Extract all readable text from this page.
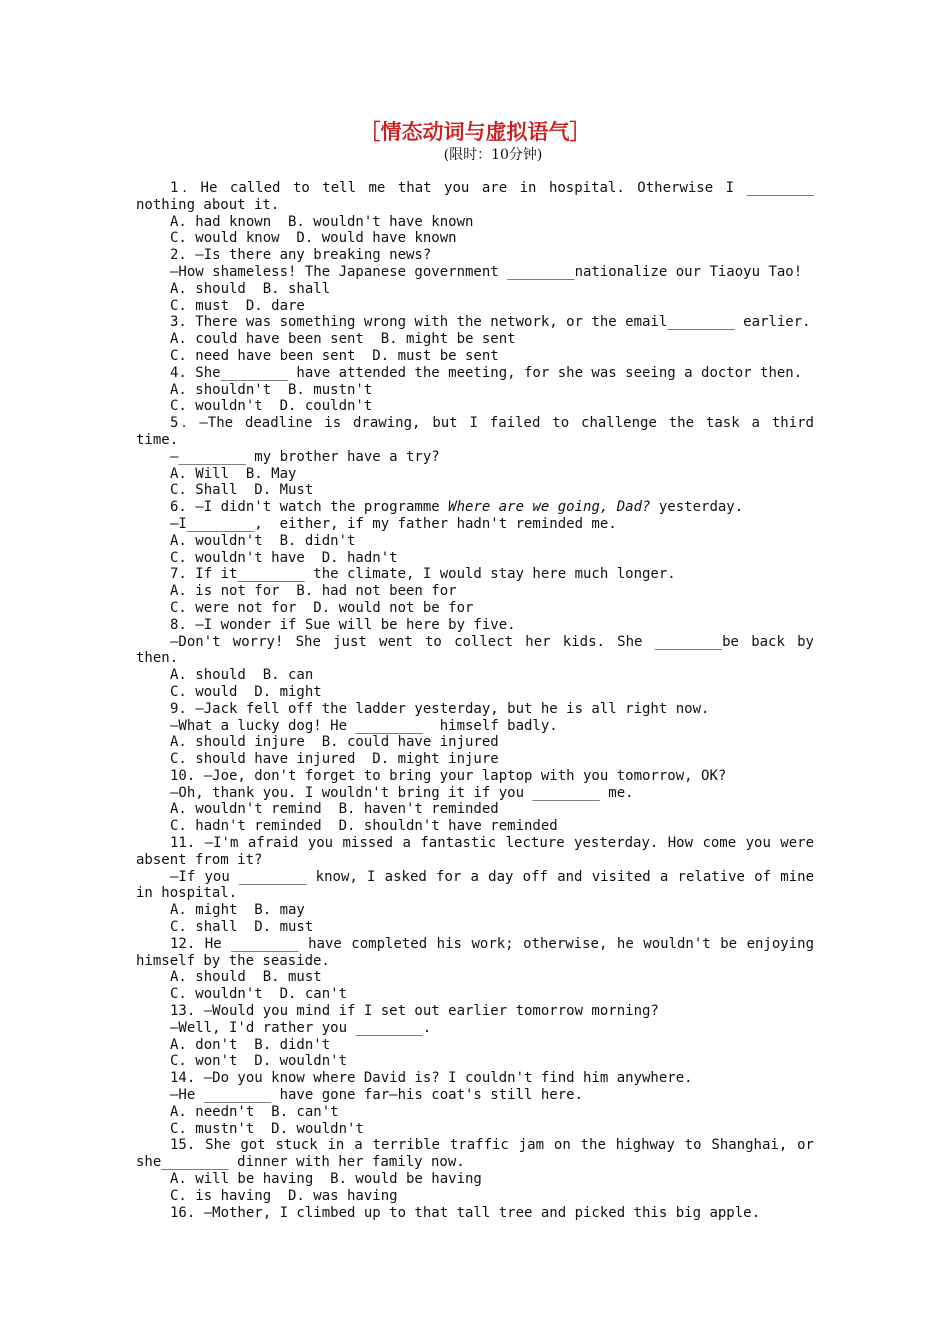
［情态动词与虚拟语气］
(限时：10分钟)
1．He called to tell me that you are in hospital. Otherwise I ________
nothing about it.
A. had known  B. wouldn't have known
C. would know  D. would have known
2. —Is there any breaking news?
—How shameless! The Japanese government ________nationalize our Tiaoyu Tao!
A. should  B. shall
C. must  D. dare
3. There was something wrong with the network, or the email________ earlier.
A. could have been sent  B. might be sent
C. need have been sent  D. must be sent
4. She________ have attended the meeting, for she was seeing a doctor then.
A. shouldn't  B. mustn't
C. wouldn't  D. couldn't
5．—The deadline is drawing, but I failed to challenge the task a third
time.
—________ my brother have a try?
A. Will  B. May
C. Shall  D. Must
6. —I didn't watch the programme Where are we going, Dad? yesterday.
—I________,  either, if my father hadn't reminded me.
A. wouldn't  B. didn't
C. wouldn't have  D. hadn't
7. If it________ the climate, I would stay here much longer.
A. is not for  B. had not been for
C. were not for  D. would not be for
8. —I wonder if Sue will be here by five.
—Don't worry! She just went to collect her kids. She ________be back by
then.
A. should  B. can
C. would  D. might
9. —Jack fell off the ladder yesterday, but he is all right now.
—What a lucky dog! He ________  himself badly.
A. should injure  B. could have injured
C. should have injured  D. might injure
10. —Joe, don't forget to bring your laptop with you tomorrow, OK?
—Oh, thank you. I wouldn't bring it if you ________ me.
A. wouldn't remind  B. haven't reminded
C. hadn't reminded  D. shouldn't have reminded
11. —I'm afraid you missed a fantastic lecture yesterday. How come you were
absent from it?
—If you ________ know, I asked for a day off and visited a relative of mine
in hospital.
A. might  B. may
C. shall  D. must
12. He ________ have completed his work; otherwise, he wouldn't be enjoying
himself by the seaside.
A. should  B. must
C. wouldn't  D. can't
13. —Would you mind if I set out earlier tomorrow morning?
—Well, I'd rather you ________.
A. don't  B. didn't
C. won't  D. wouldn't
14. —Do you know where David is? I couldn't find him anywhere.
—He ________ have gone far—his coat's still here.
A. needn't  B. can't
C. mustn't  D. wouldn't
15. She got stuck in a terrible traffic jam on the highway to Shanghai, or
she________ dinner with her family now.
A. will be having  B. would be having
C. is having  D. was having
16. —Mother, I climbed up to that tall tree and picked this big apple.
